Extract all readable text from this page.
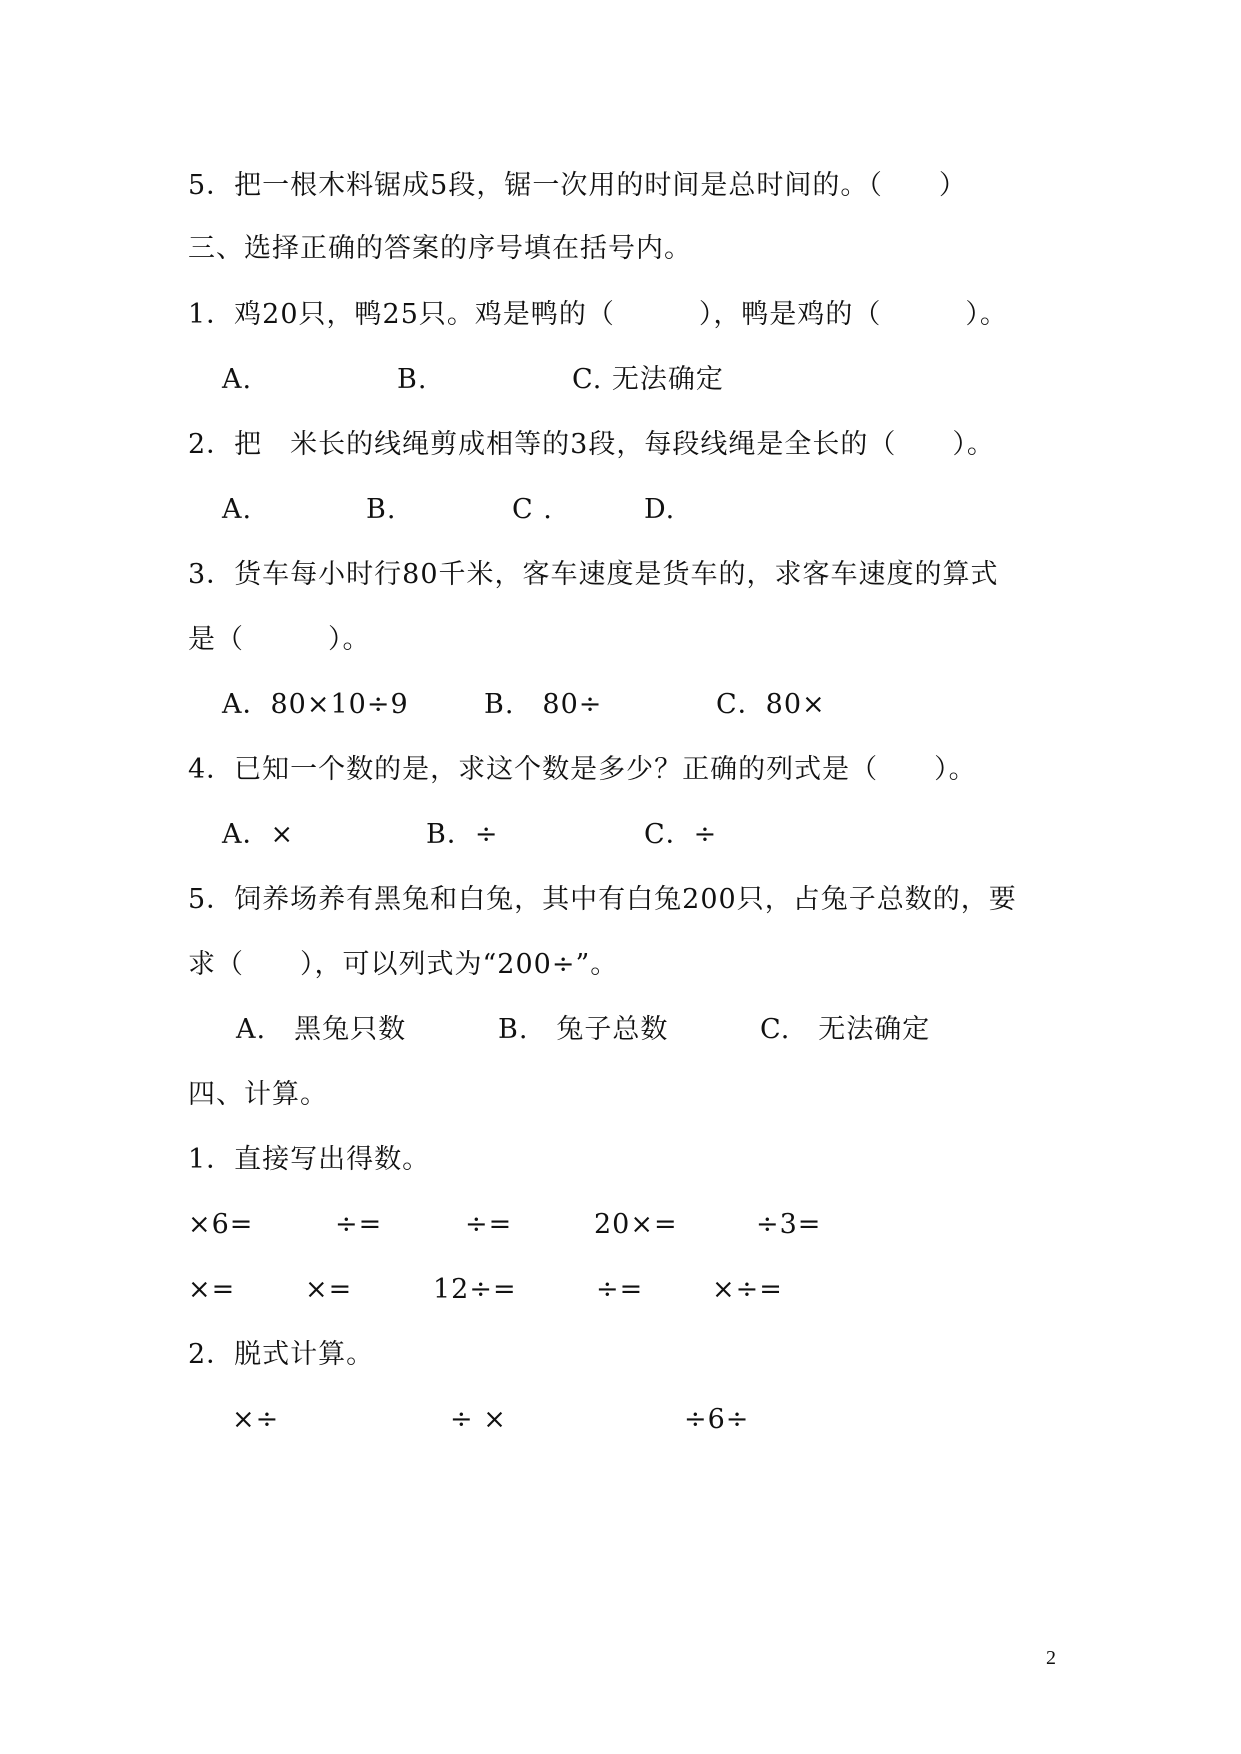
5．把一根木料锯成5段，锯一次用的时间是总时间的。（　　）
三、选择正确的答案的序号填在括号内。
1．鸡20只，鸭25只。鸡是鸭的（　　　），鸭是鸡的（　　　）。
A.	B.	C. 无法确定
2．把　米长的线绳剪成相等的3段，每段线绳是全长的（　　）。
A.	B.	C .	D.
3．货车每小时行80千米，客车速度是货车的，求客车速度的算式
是（　　　）。
A．80×10÷9	B.　80÷	C．80×
4．已知一个数的是，求这个数是多少？正确的列式是（　　）。
A．×	B．÷	C．÷
5．饲养场养有黑兔和白兔，其中有白兔200只，占兔子总数的，要
求（　　），可以列式为“200÷”。
A.　黑兔只数	B.　兔子总数	C.　无法确定
四、计算。
1．直接写出得数。
×6=	÷=	÷=	20×=	÷3=
×=	×=	12÷=	÷=	×÷=
2．脱式计算。
×÷	÷ ×	÷6÷
2
